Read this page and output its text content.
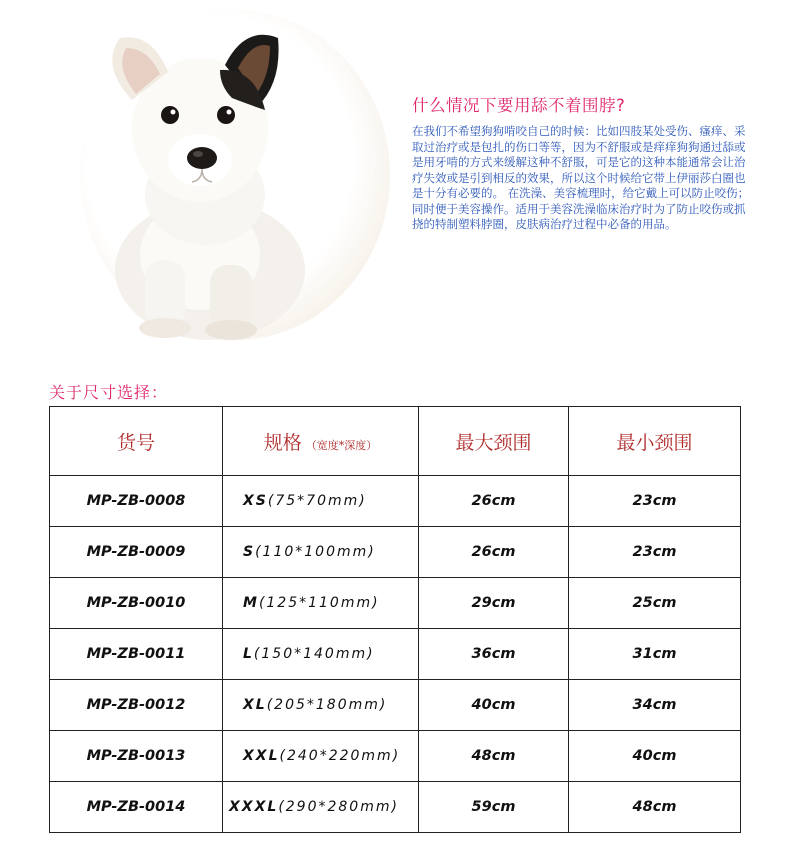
什么情况下要用舔不着围脖?

在我们不希望狗狗啃咬自己的时候：比如四肢某处受伤、瘙痒、采取过治疗或是包扎的伤口等等，因为不舒服或是痒痒狗狗通过舔或是用牙啃的方式来缓解这种不舒服，可是它的这种本能通常会让治疗失效或是引到相反的效果，所以这个时候给它带上伊丽莎白圈也是十分有必要的。 在洗澡、美容梳理时，给它戴上可以防止咬伤；同时便于美容操作。适用于美容洗澡临床治疗时为了防止咬伤或抓挠的特制塑料脖圈，皮肤病治疗过程中必备的用品。

关于尺寸选择：
货号	规格 （宽度*深度）	最大颈围	最小颈围
MP-ZB-0008	XS(75*70mm)	26cm	23cm
MP-ZB-0009	S(110*100mm)	26cm	23cm
MP-ZB-0010	M(125*110mm)	29cm	25cm
MP-ZB-0011	L(150*140mm)	36cm	31cm
MP-ZB-0012	XL(205*180mm)	40cm	34cm
MP-ZB-0013	XXL(240*220mm)	48cm	40cm
MP-ZB-0014	XXXL(290*280mm)	59cm	48cm
